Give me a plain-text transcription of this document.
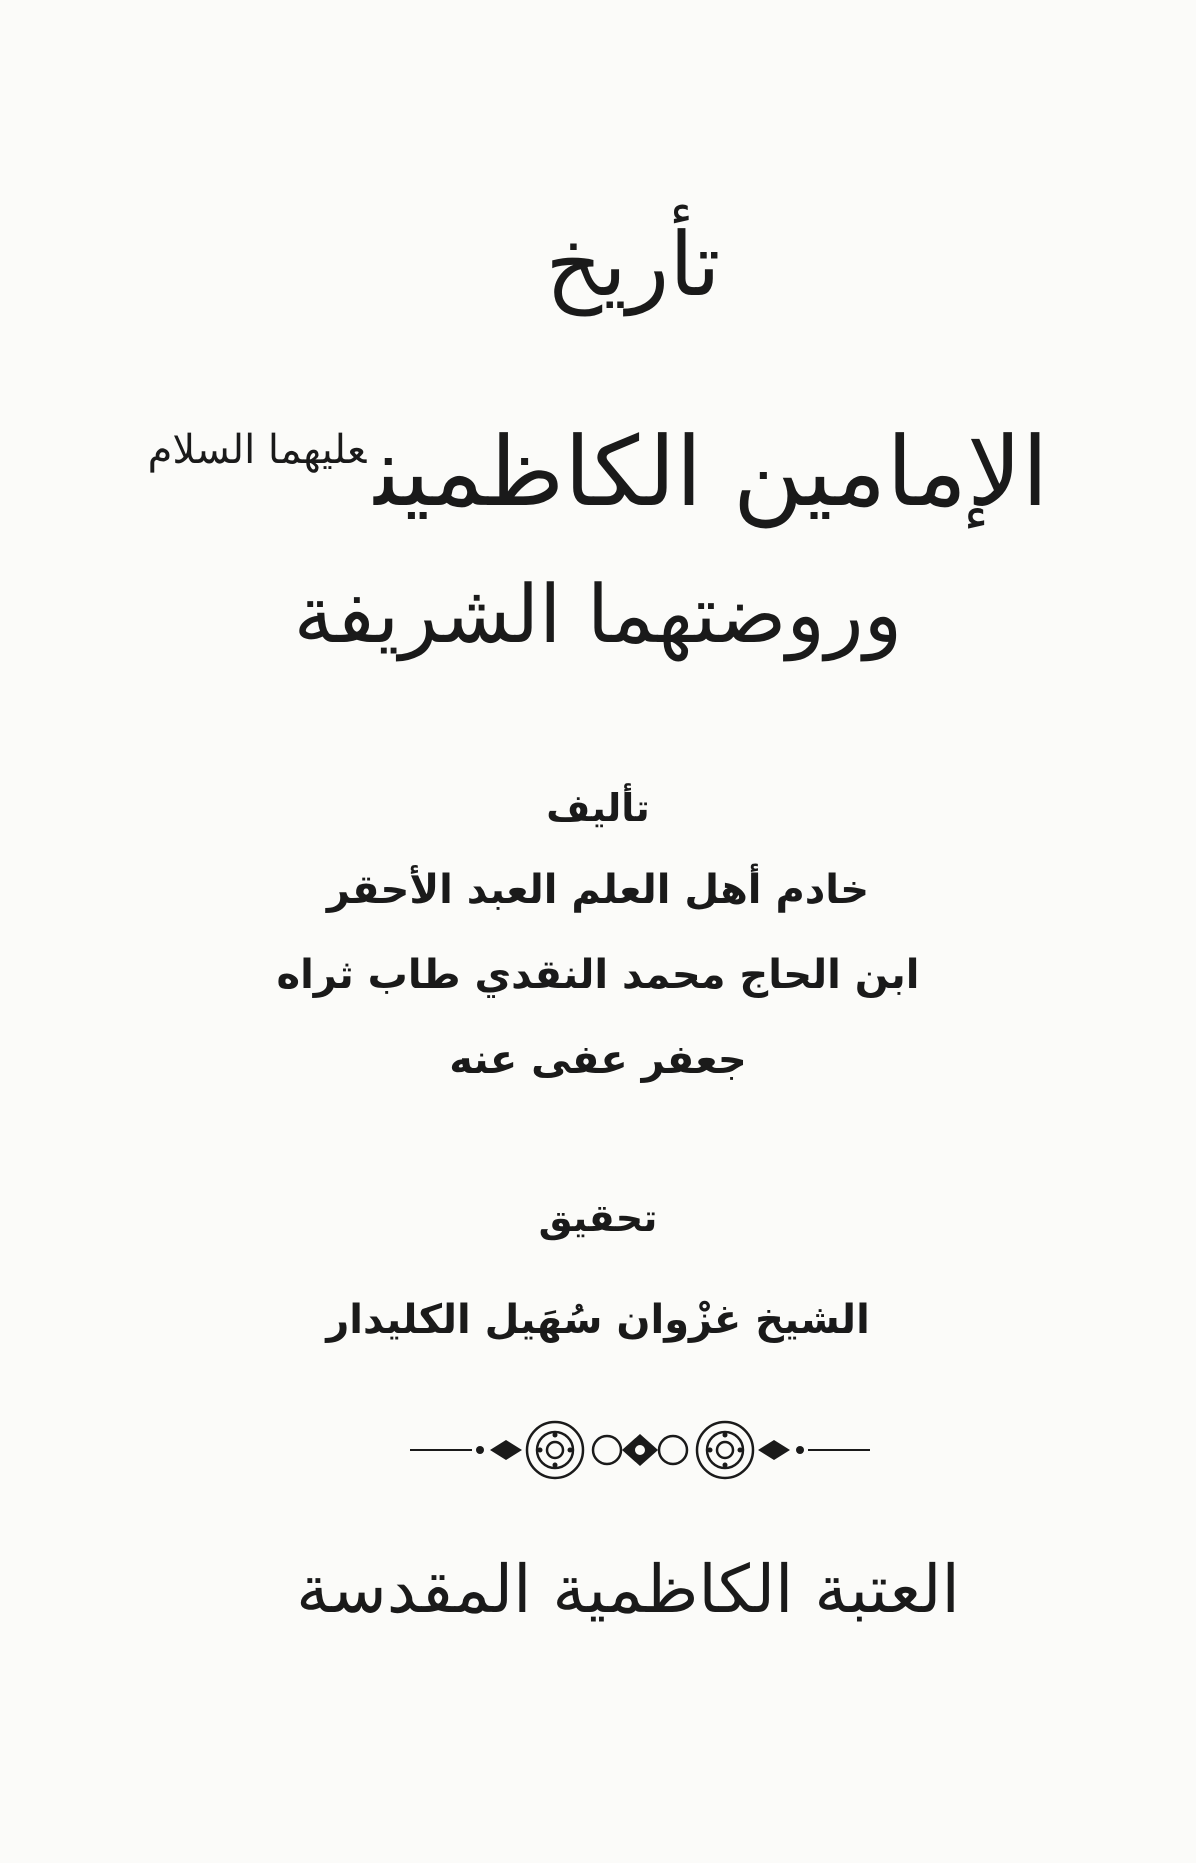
تأريخ
الإمامين الكاظمين$^{عليهما السلام}$
وروضتهما الشريفة
تأليف
خادم أهل العلم العبد الأحقر
ابن الحاج محمد النقدي طاب ثراه
جعفر عفى عنه
تحقيق
الشيخ غزْوان سُهَيل الكليدار
العتبة الكاظمية المقدسة
